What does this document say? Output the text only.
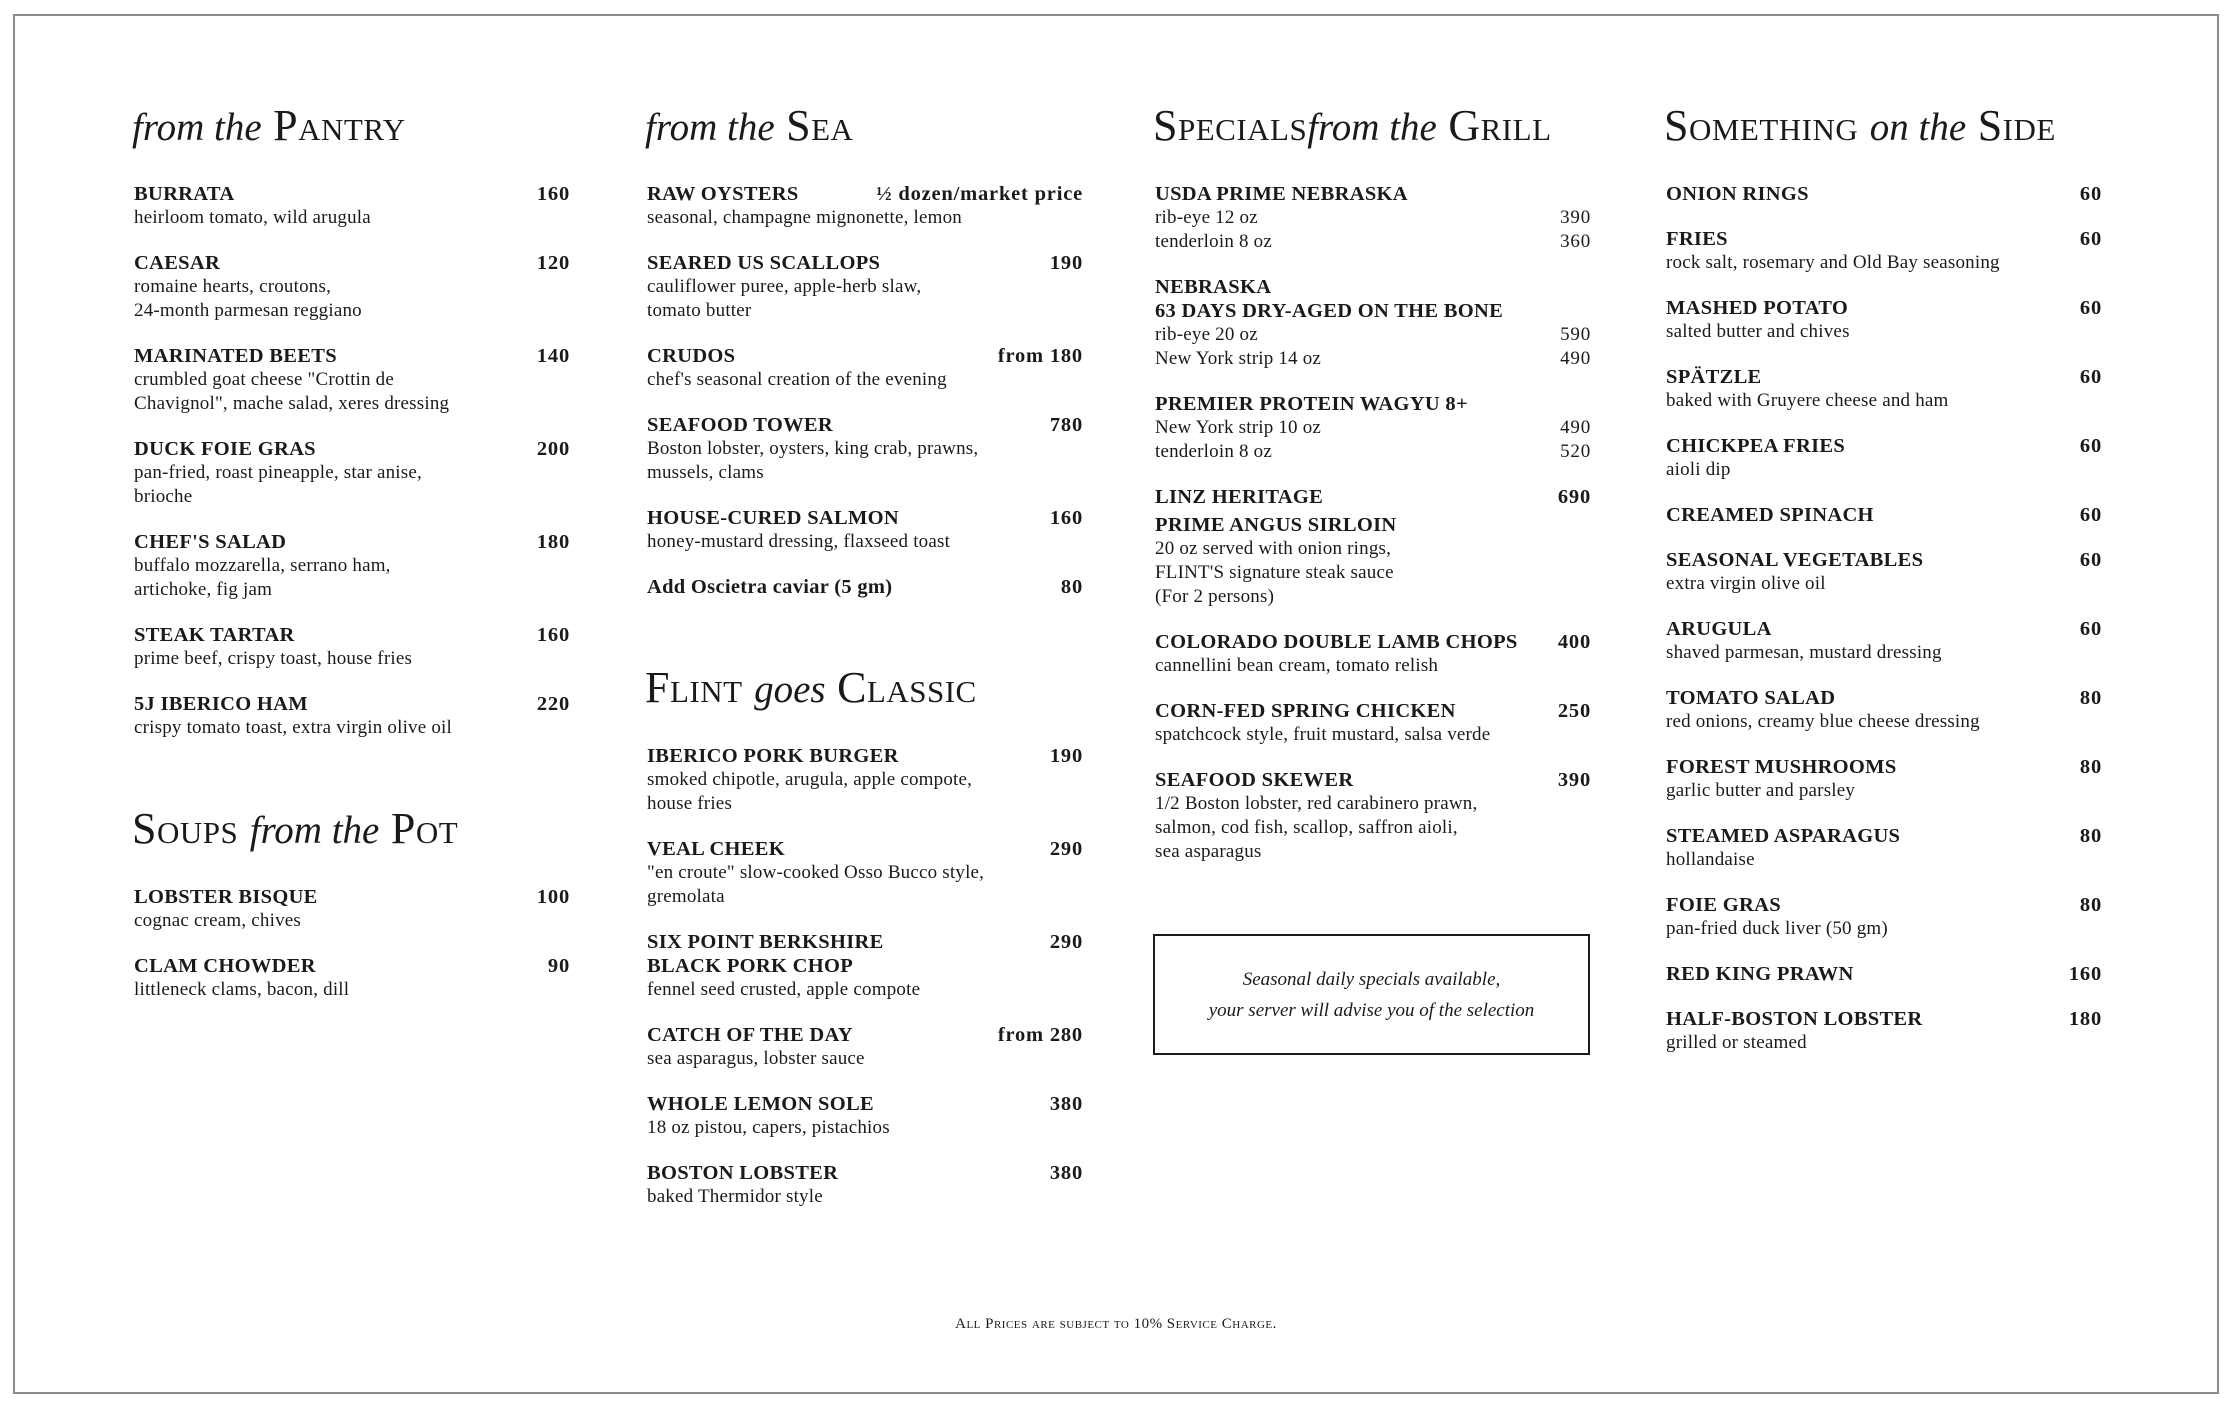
from the Pantry
BURRATA	160
heirloom tomato, wild arugula
CAESAR	120
romaine hearts, croutons,
24-month parmesan reggiano
MARINATED BEETS	140
crumbled goat cheese "Crottin de
Chavignol", mache salad, xeres dressing
DUCK FOIE GRAS	200
pan-fried, roast pineapple, star anise,
brioche
CHEF'S SALAD	180
buffalo mozzarella, serrano ham,
artichoke, fig jam
STEAK TARTAR	160
prime beef, crispy toast, house fries
5J IBERICO HAM	220
crispy tomato toast, extra virgin olive oil
Soups from the Pot
LOBSTER BISQUE	100
cognac cream, chives
CLAM CHOWDER	90
littleneck clams, bacon, dill
from the Sea
RAW OYSTERS	½ dozen/market price
seasonal, champagne mignonette, lemon
SEARED US SCALLOPS	190
cauliflower puree, apple-herb slaw,
tomato butter
CRUDOS	from 180
chef's seasonal creation of the evening
SEAFOOD TOWER	780
Boston lobster, oysters, king crab, prawns,
mussels, clams
HOUSE-CURED SALMON	160
honey-mustard dressing, flaxseed toast
Add Oscietra caviar (5 gm)	80
Flint goes Classic
IBERICO PORK BURGER	190
smoked chipotle, arugula, apple compote,
house fries
VEAL CHEEK	290
"en croute" slow-cooked Osso Bucco style,
gremolata
SIX POINT BERKSHIRE	290
BLACK PORK CHOP
fennel seed crusted, apple compote
CATCH OF THE DAY	from 280
sea asparagus, lobster sauce
WHOLE LEMON SOLE	380
18 oz pistou, capers, pistachios
BOSTON LOBSTER	380
baked Thermidor style
Specialsfrom the Grill
USDA PRIME NEBRASKA
rib-eye 12 oz	390
tenderloin 8 oz	360
NEBRASKA
63 DAYS DRY-AGED ON THE BONE
rib-eye 20 oz	590
New York strip 14 oz	490
PREMIER PROTEIN WAGYU 8+
New York strip 10 oz	490
tenderloin 8 oz	520
LINZ HERITAGE	690
PRIME ANGUS SIRLOIN
20 oz served with onion rings,
FLINT'S signature steak sauce
(For 2 persons)
COLORADO DOUBLE LAMB CHOPS 400
cannellini bean cream, tomato relish
CORN-FED SPRING CHICKEN	250
spatchcock style, fruit mustard, salsa verde
SEAFOOD SKEWER	390
1/2 Boston lobster, red carabinero prawn,
salmon, cod fish, scallop, saffron aioli,
sea asparagus
Seasonal daily specials available,
your server will advise you of the selection
Something on the Side
ONION RINGS	60
FRIES	60
rock salt, rosemary and Old Bay seasoning
MASHED POTATO	60
salted butter and chives
SPÄTZLE	60
baked with Gruyere cheese and ham
CHICKPEA FRIES	60
aioli dip
CREAMED SPINACH	60
SEASONAL VEGETABLES	60
extra virgin olive oil
ARUGULA	60
shaved parmesan, mustard dressing
TOMATO SALAD	80
red onions, creamy blue cheese dressing
FOREST MUSHROOMS	80
garlic butter and parsley
STEAMED ASPARAGUS	80
hollandaise
FOIE GRAS	80
pan-fried duck liver (50 gm)
RED KING PRAWN	160
HALF-BOSTON LOBSTER	180
grilled or steamed
All Prices are subject to 10% Service Charge.
